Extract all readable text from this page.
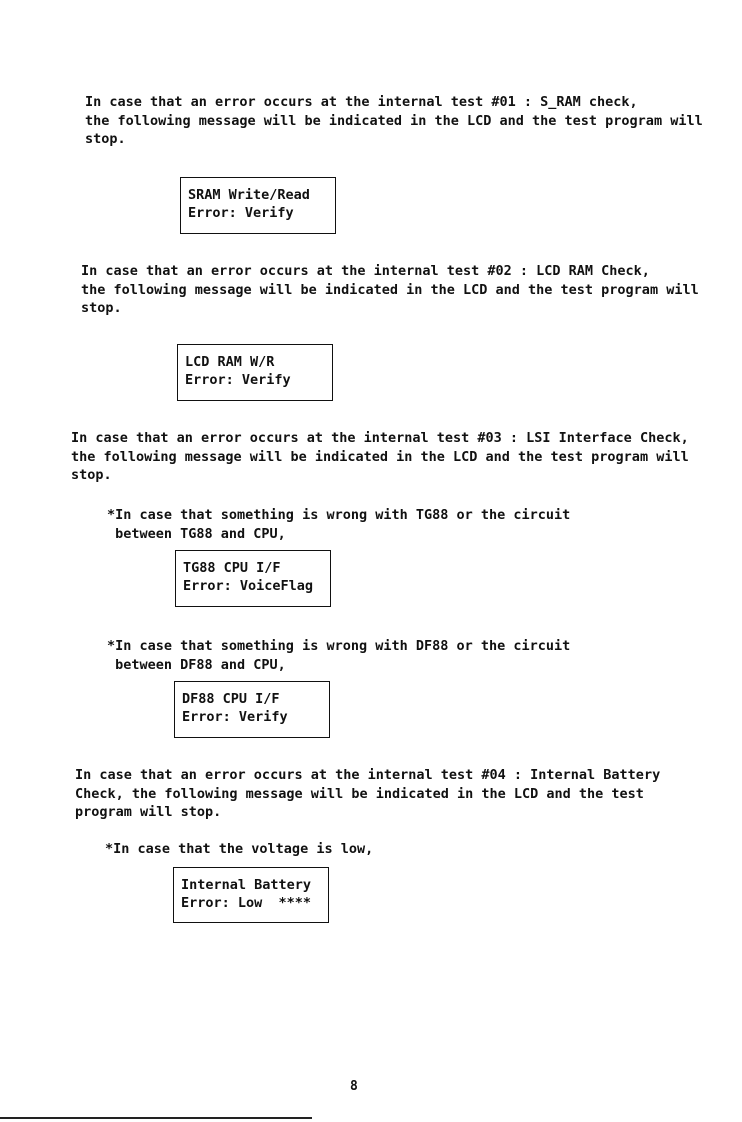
In case that an error occurs at the internal test #01 : S_RAM check,
the following message will be indicated in the LCD and the test program will
stop.
SRAM Write/Read
Error: Verify
In case that an error occurs at the internal test #02 : LCD RAM Check,
the following message will be indicated in the LCD and the test program will
stop.
LCD RAM W/R
Error: Verify
In case that an error occurs at the internal test #03 : LSI Interface Check,
the following message will be indicated in the LCD and the test program will
stop.
*In case that something is wrong with TG88 or the circuit
between TG88 and CPU,
TG88 CPU I/F
Error: VoiceFlag
*In case that something is wrong with DF88 or the circuit
between DF88 and CPU,
DF88 CPU I/F
Error: Verify
In case that an error occurs at the internal test #04 : Internal Battery
Check, the following message will be indicated in the LCD and the test
program will stop.
*In case that the voltage is low,
Internal Battery
Error: Low  ****
8
